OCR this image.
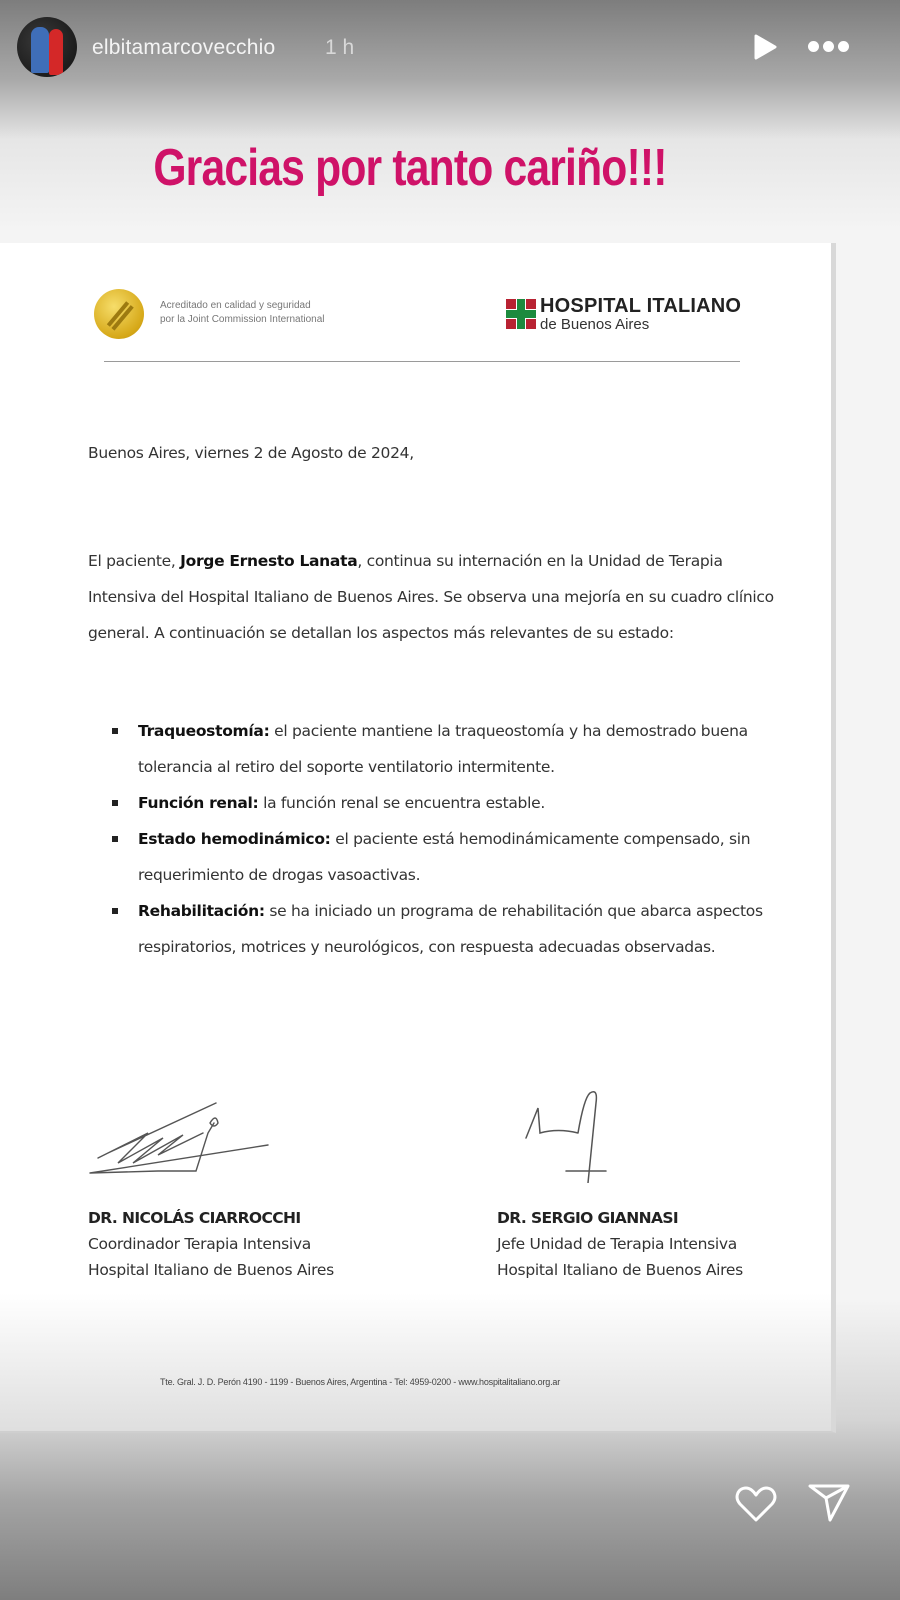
elbitamarcovecchio 1 h
Gracias por tanto cariño!!!
Acreditado en calidad y seguridad
por la Joint Commission International
HOSPITAL ITALIANO
de Buenos Aires
Buenos Aires, viernes 2 de Agosto de 2024,

El paciente, Jorge Ernesto Lanata, continua su internación en la Unidad de Terapia Intensiva del Hospital Italiano de Buenos Aires. Se observa una mejoría en su cuadro clínico general. A continuación se detallan los aspectos más relevantes de su estado:

Traqueostomía: el paciente mantiene la traqueostomía y ha demostrado buena tolerancia al retiro del soporte ventilatorio intermitente.
Función renal: la función renal se encuentra estable.
Estado hemodinámico: el paciente está hemodinámicamente compensado, sin requerimiento de drogas vasoactivas.
Rehabilitación: se ha iniciado un programa de rehabilitación que abarca aspectos respiratorios, motrices y neurológicos, con respuesta adecuadas observadas.
DR. NICOLÁS CIARROCCHI
Coordinador Terapia Intensiva
Hospital Italiano de Buenos Aires
DR. SERGIO GIANNASI
Jefe Unidad de Terapia Intensiva
Hospital Italiano de Buenos Aires
Tte. Gral. J. D. Perón 4190 - 1199 - Buenos Aires, Argentina - Tel: 4959-0200 - www.hospitalitaliano.org.ar
